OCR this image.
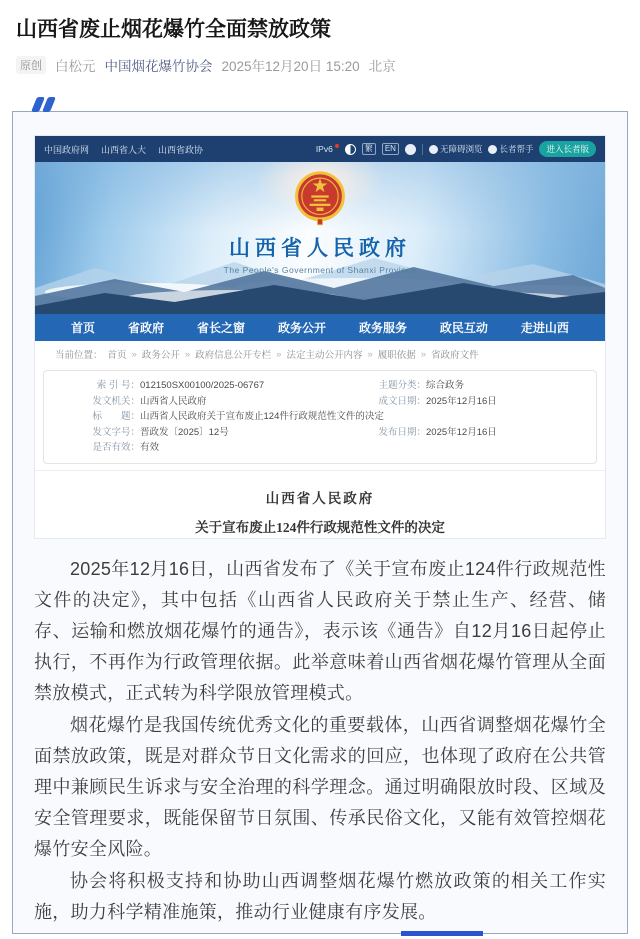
山西省废止烟花爆竹全面禁放政策
原创 白松元 中国烟花爆竹协会 2025年12月20日 15:20 北京
中国政府网 山西省人大 山西省政协	IPv6	繁	EN	无障碍浏览 长者帮手	进入长者版
山西省人民政府
The People's Government of Shanxi Province
首页	省政府	省长之窗	政务公开	政务服务	政民互动	走进山西
当前位置： 首页 » 政务公开 » 政府信息公开专栏 » 法定主动公开内容 » 履职依据 » 省政府文件
索 引 号： 012150SX00100/2025-06767	主题分类： 综合政务
发文机关： 山西省人民政府	成文日期： 2025年12月16日
标　　题： 山西省人民政府关于宣布废止124件行政规范性文件的决定
发文字号： 晋政发〔2025〕12号	发布日期： 2025年12月16日
是否有效： 有效
山西省人民政府
关于宣布废止124件行政规范性文件的决定

2025年12月16日，山西省发布了《关于宣布废止124件行政规范性文件的决定》，其中包括《山西省人民政府关于禁止生产、经营、储存、运输和燃放烟花爆竹的通告》，表示该《通告》自12月16日起停止执行，不再作为行政管理依据。此举意味着山西省烟花爆竹管理从全面禁放模式，正式转为科学限放管理模式。

烟花爆竹是我国传统优秀文化的重要载体，山西省调整烟花爆竹全面禁放政策，既是对群众节日文化需求的回应，也体现了政府在公共管理中兼顾民生诉求与安全治理的科学理念。通过明确限放时段、区域及安全管理要求，既能保留节日氛围、传承民俗文化，又能有效管控烟花爆竹安全风险。

协会将积极支持和协助山西调整烟花爆竹燃放政策的相关工作实施，助力科学精准施策，推动行业健康有序发展。
